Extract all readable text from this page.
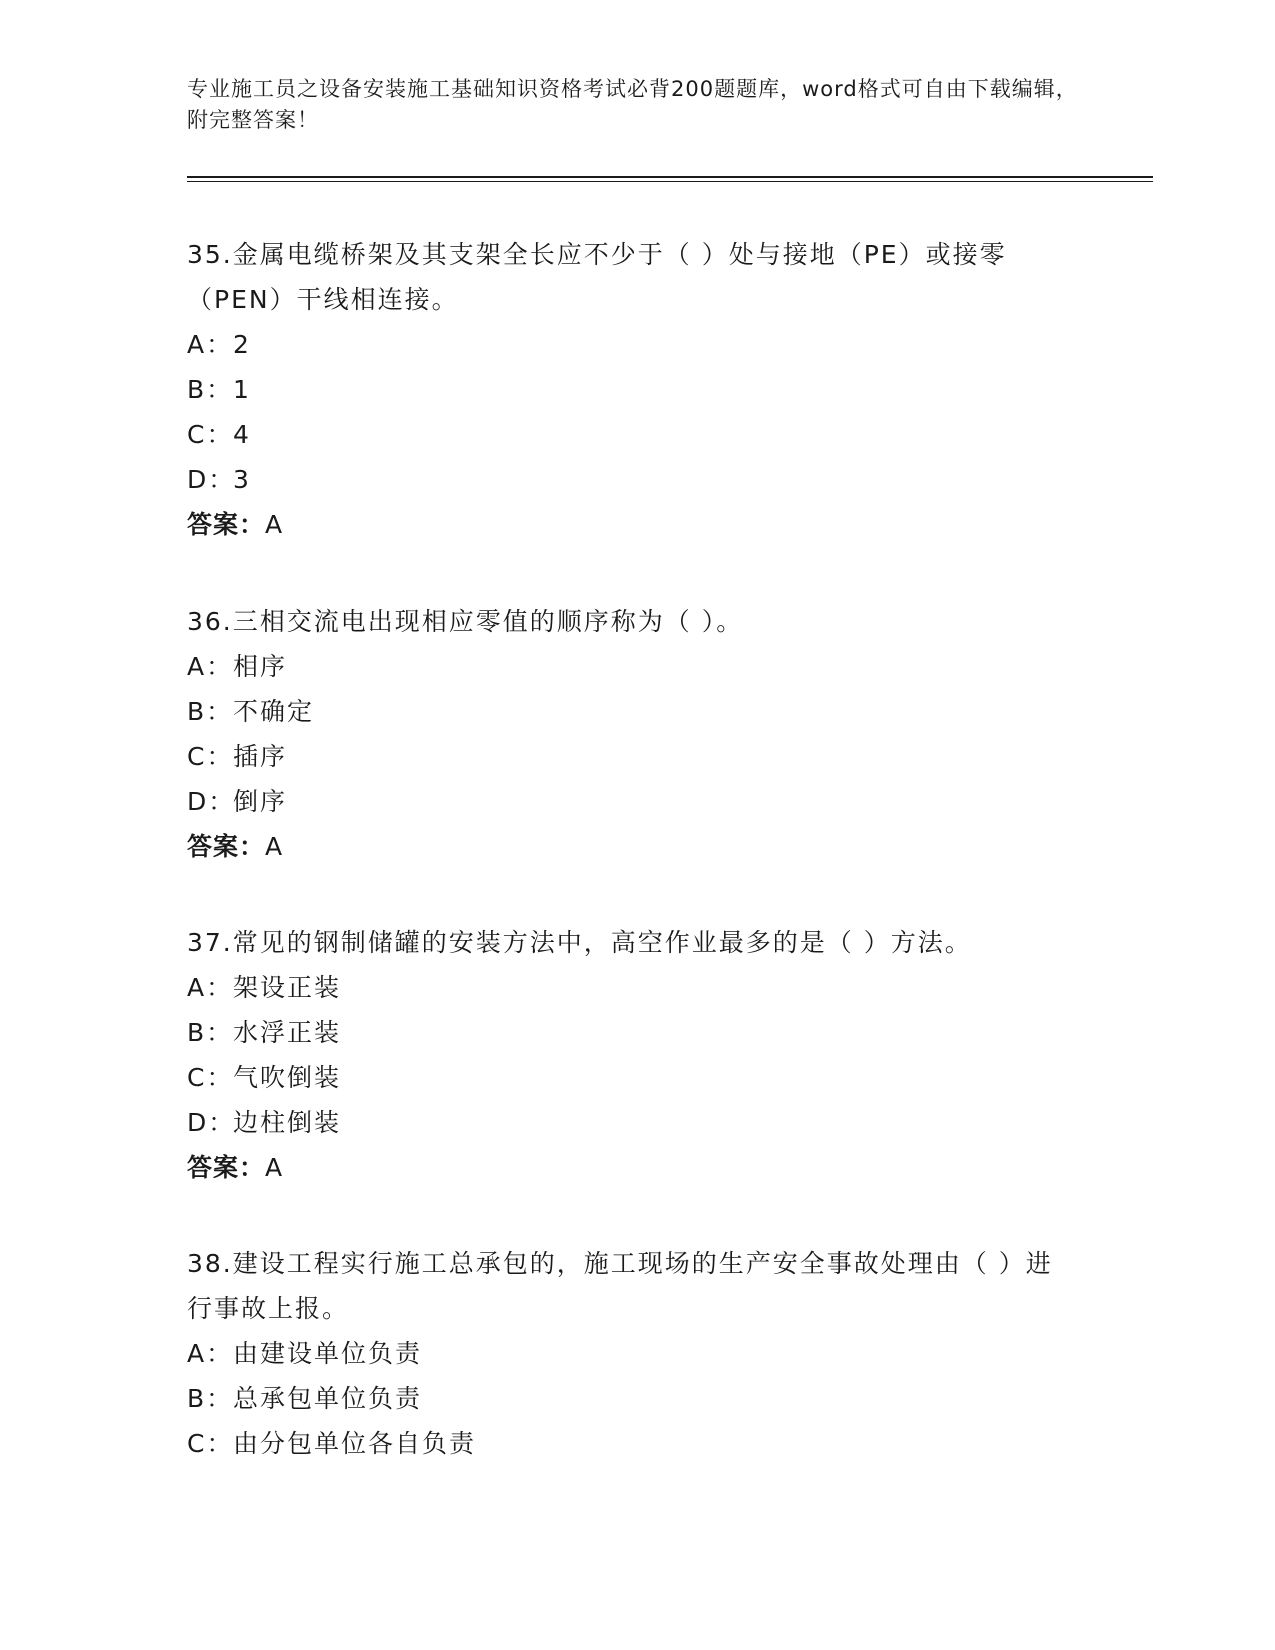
专业施工员之设备安装施工基础知识资格考试必背200题题库，word格式可自由下载编辑，附完整答案！

35.金属电缆桥架及其支架全长应不少于（ ）处与接地（PE）或接零（PEN）干线相连接。

A： 2

B： 1

C： 4

D：
3

答案：A

36.三相交流电出现相应零值的顺序称为（ ）。

A： 相序

B： 不确定

C： 插序

D：
倒序

答案：A

37.常见的钢制储罐的安装方法中，高空作业最多的是（ ）方法。

A： 架设正装

B： 水浮正装

C： 气吹倒装

D：
边柱倒装

答案：A

38.建设工程实行施工总承包的，施工现场的生产安全事故处理由（ ）进行事故上报。

A： 由建设单位负责

B： 总承包单位负责

C： 由分包单位各自负责
